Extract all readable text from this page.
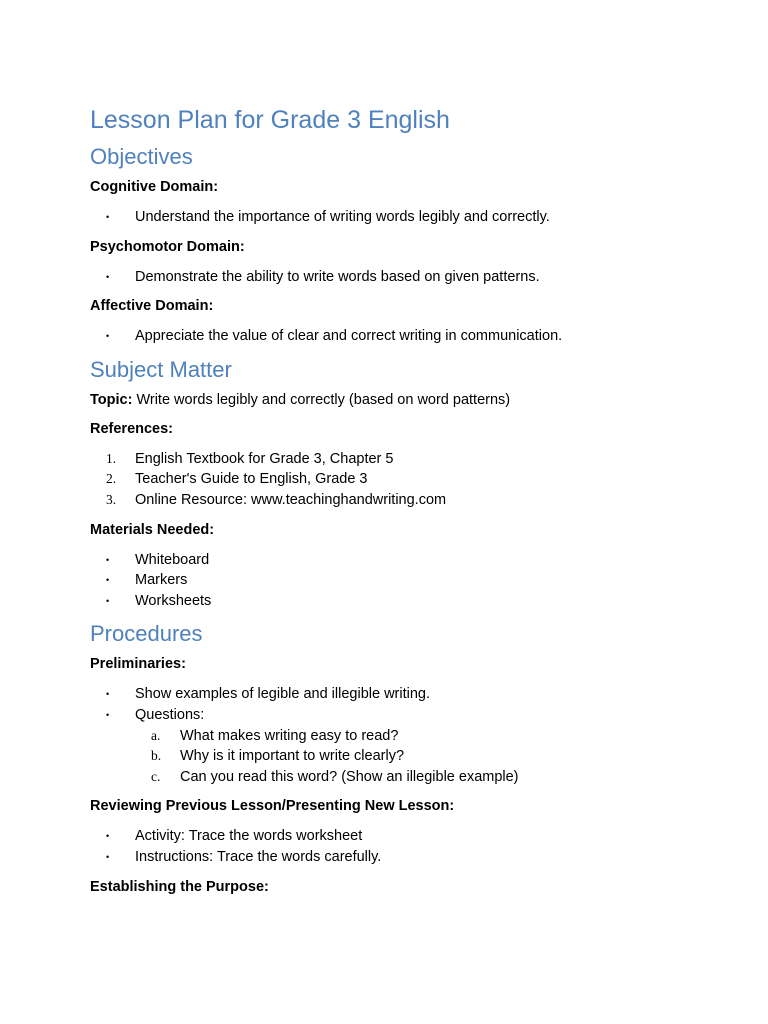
Lesson Plan for Grade 3 English
Objectives
Cognitive Domain:
• Understand the importance of writing words legibly and correctly.
Psychomotor Domain:
• Demonstrate the ability to write words based on given patterns.
Affective Domain:
• Appreciate the value of clear and correct writing in communication.
Subject Matter
Topic: Write words legibly and correctly (based on word patterns)
References:
1. English Textbook for Grade 3, Chapter 5
2. Teacher's Guide to English, Grade 3
3. Online Resource: www.teachinghandwriting.com
Materials Needed:
• Whiteboard
• Markers
• Worksheets
Procedures
Preliminaries:
• Show examples of legible and illegible writing.
• Questions:
a. What makes writing easy to read?
b. Why is it important to write clearly?
c. Can you read this word? (Show an illegible example)
Reviewing Previous Lesson/Presenting New Lesson:
• Activity: Trace the words worksheet
• Instructions: Trace the words carefully.
Establishing the Purpose:
